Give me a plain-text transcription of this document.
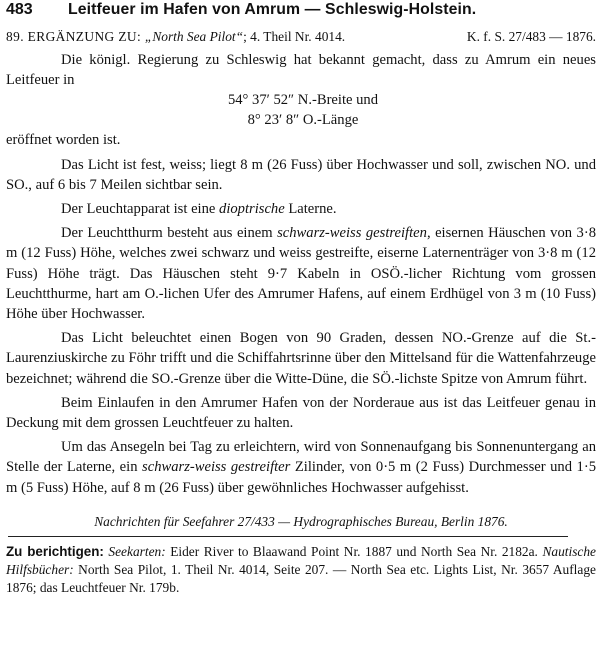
483	Leitfeuer im Hafen von Amrum — Schleswig-Holstein.
89. ERGÄNZUNG ZU: „North Sea Pilot“; 4. Theil Nr. 4014.	K. f. S. 27/483 — 1876.

Die königl. Regierung zu Schleswig hat bekannt gemacht, dass zu Amrum ein neues Leitfeuer in

54° 37′ 52″ N.-Breite und
8° 23′ 8″ O.-Länge

eröffnet worden ist.

Das Licht ist fest, weiss; liegt 8 m (26 Fuss) über Hochwasser und soll, zwischen NO. und SO., auf 6 bis 7 Meilen sichtbar sein.

Der Leuchtapparat ist eine dioptrische Laterne.

Der Leuchtthurm besteht aus einem schwarz-weiss gestreiften, eisernen Häuschen von 3·8 m (12 Fuss) Höhe, welches zwei schwarz und weiss gestreifte, eiserne Laternenträger von 3·8 m (12 Fuss) Höhe trägt. Das Häuschen steht 9·7 Kabeln in OSÖ.-licher Richtung vom grossen Leuchtthurme, hart am O.-lichen Ufer des Amrumer Hafens, auf einem Erdhügel von 3 m (10 Fuss) Höhe über Hochwasser.

Das Licht beleuchtet einen Bogen von 90 Graden, dessen NO.-Grenze auf die St.-Laurenziuskirche zu Föhr trifft und die Schiffahrtsrinne über den Mittelsand für die Wattenfahrzeuge bezeichnet; während die SO.-Grenze über die Witte-Düne, die SÖ.-lichste Spitze von Amrum führt.

Beim Einlaufen in den Amrumer Hafen von der Norderaue aus ist das Leitfeuer genau in Deckung mit dem grossen Leuchtfeuer zu halten.

Um das Ansegeln bei Tag zu erleichtern, wird von Sonnenaufgang bis Sonnenuntergang an Stelle der Laterne, ein schwarz-weiss gestreifter Zilinder, von 0·5 m (2 Fuss) Durchmesser und 1·5 m (5 Fuss) Höhe, auf 8 m (26 Fuss) über gewöhnliches Hochwasser aufgehisst.

Nachrichten für Seefahrer 27/433 — Hydrographisches Bureau, Berlin 1876.
Zu berichtigen: Seekarten: Eider River to Blaawand Point Nr. 1887 und North Sea Nr. 2182a. Nautische Hilfsbücher: North Sea Pilot, 1. Theil Nr. 4014, Seite 207. — North Sea etc. Lights List, Nr. 3657 Auflage 1876; das Leuchtfeuer Nr. 179b.
